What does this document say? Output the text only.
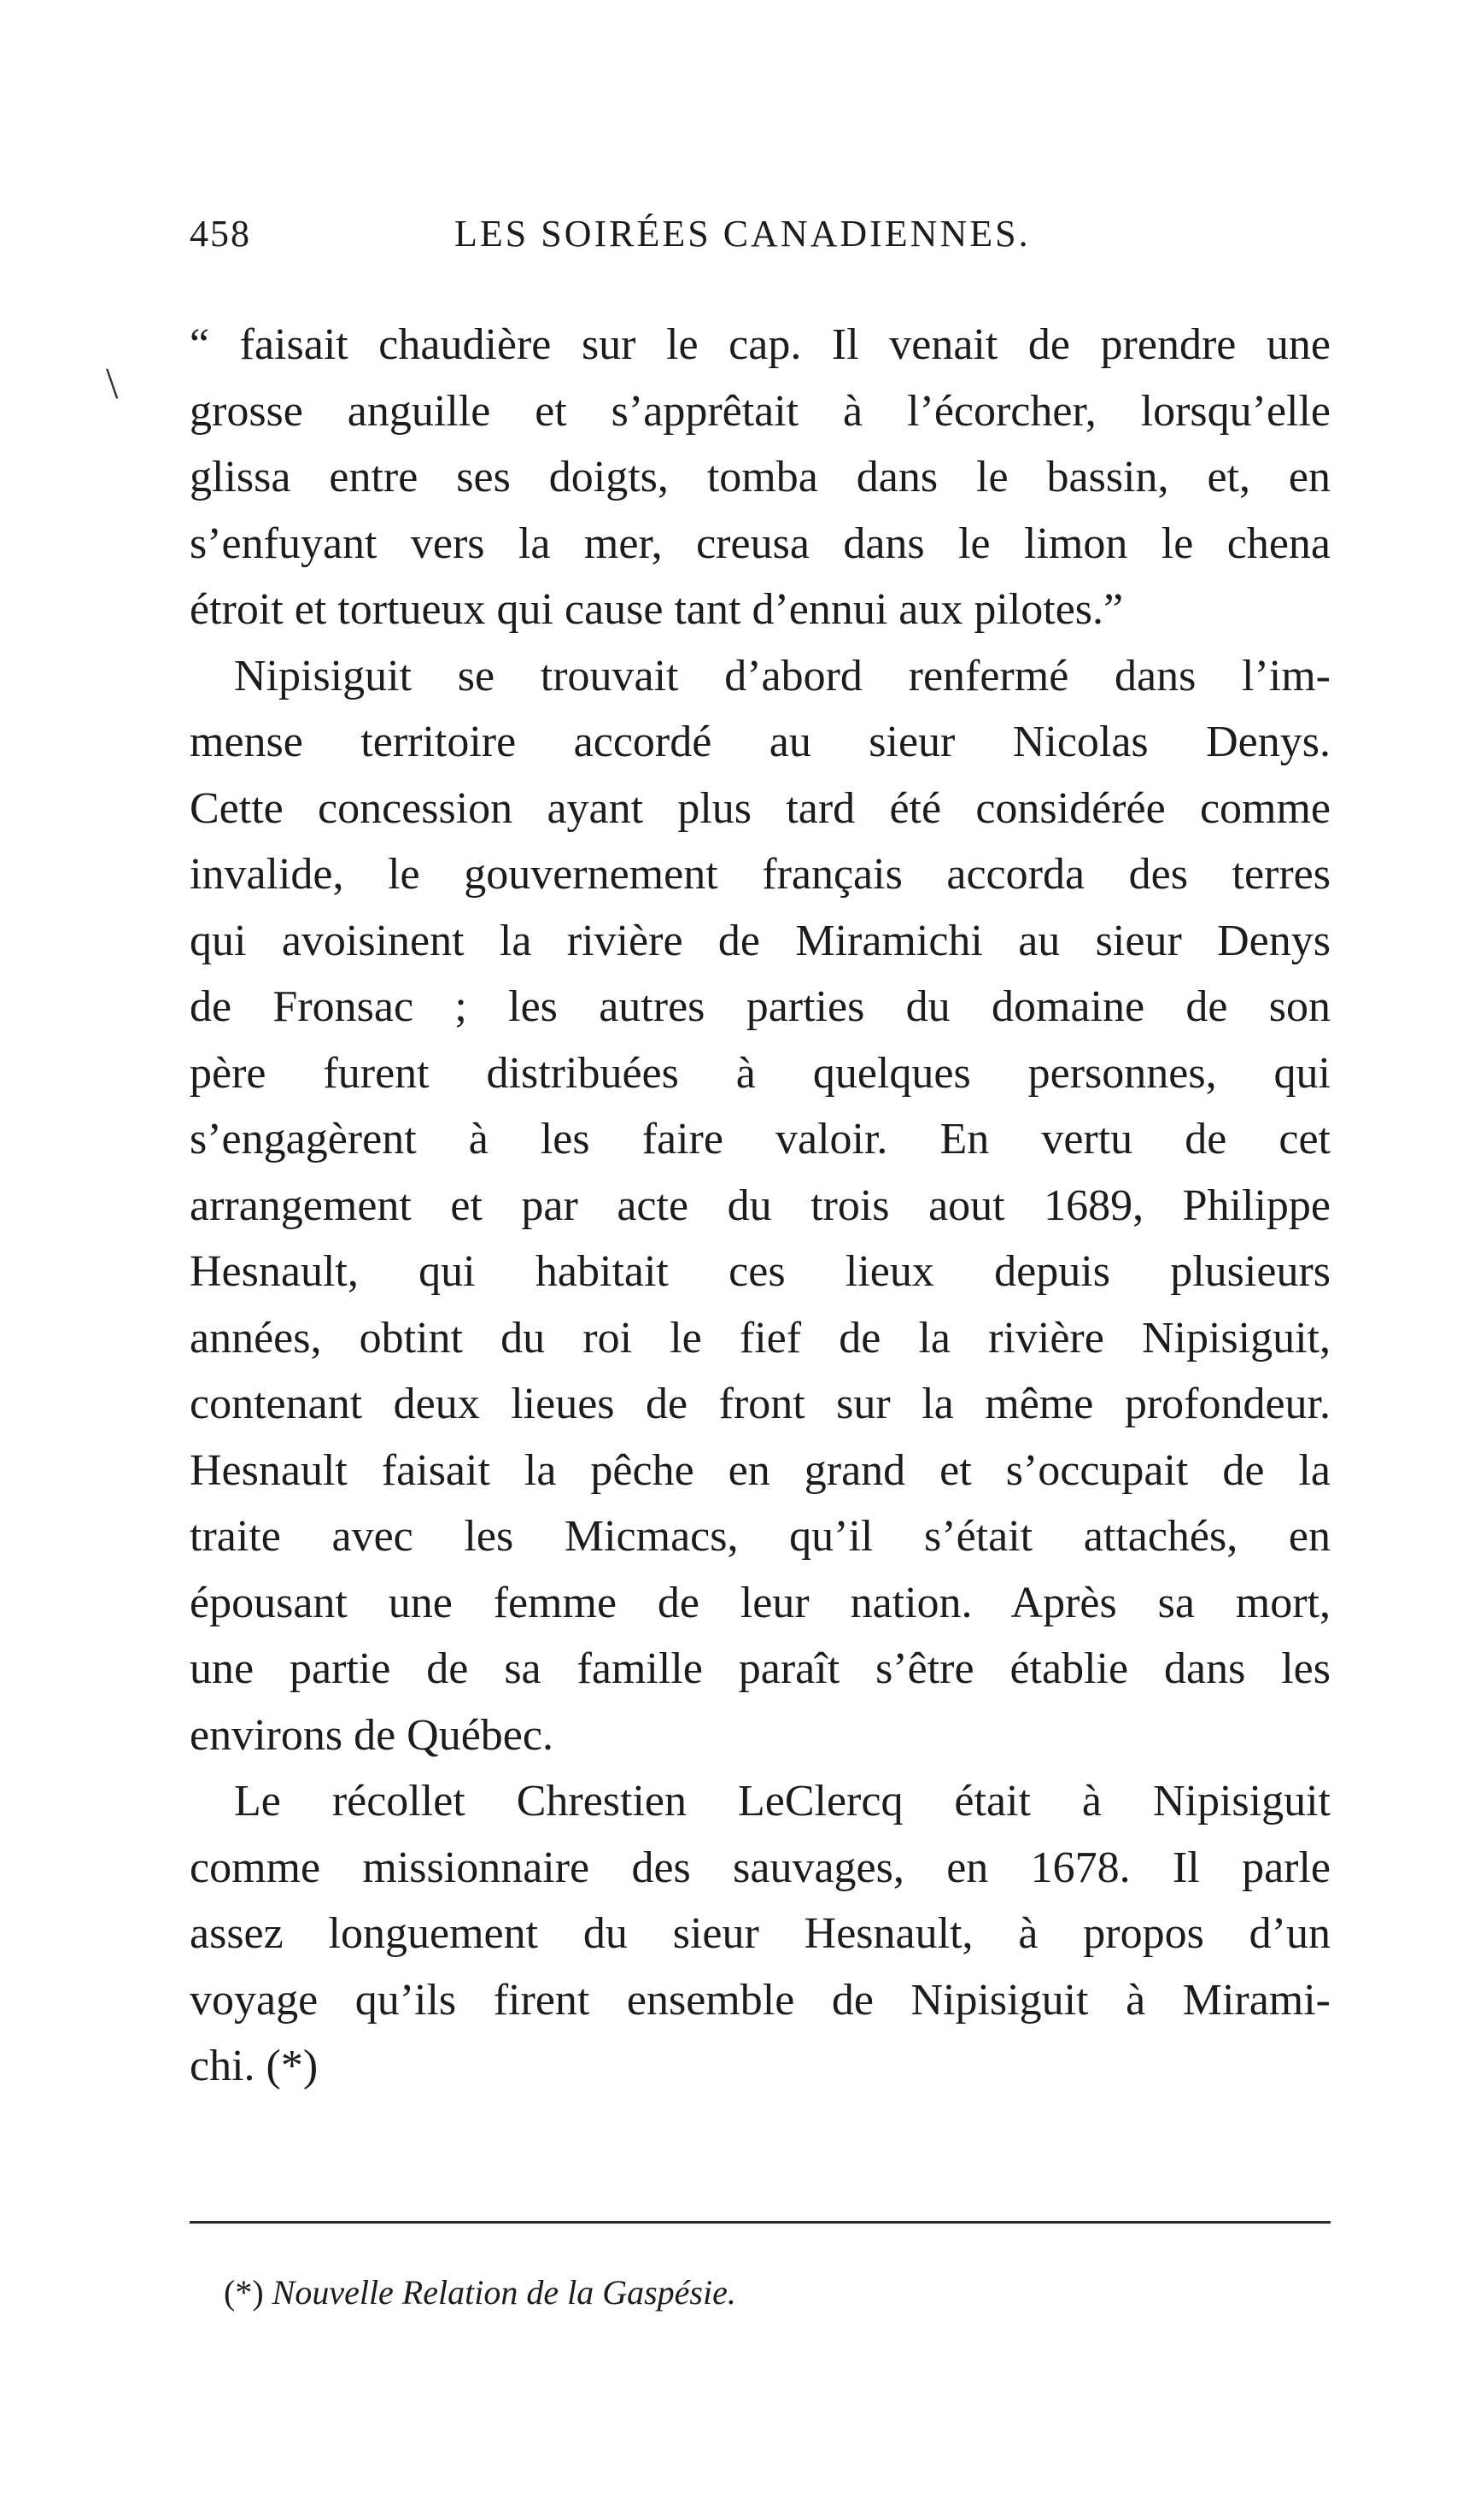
458	LES SOIRÉES CANADIENNES.
\
“ faisait chaudière sur le cap. Il venait de prendre une
grosse anguille et s’apprêtait à l’écorcher, lorsqu’elle
glissa entre ses doigts, tomba dans le bassin, et, en
s’enfuyant vers la mer, creusa dans le limon le chena
étroit et tortueux qui cause tant d’ennui aux pilotes.”
Nipisiguit se trouvait d’abord renfermé dans l’im-
mense territoire accordé au sieur Nicolas Denys.
Cette concession ayant plus tard été considérée comme
invalide, le gouvernement français accorda des terres
qui avoisinent la rivière de Miramichi au sieur Denys
de Fronsac ; les autres parties du domaine de son
père furent distribuées à quelques personnes, qui
s’engagèrent à les faire valoir. En vertu de cet
arrangement et par acte du trois aout 1689, Philippe
Hesnault, qui habitait ces lieux depuis plusieurs
années, obtint du roi le fief de la rivière Nipisiguit,
contenant deux lieues de front sur la même profondeur.
Hesnault faisait la pêche en grand et s’occupait de la
traite avec les Micmacs, qu’il s’était attachés, en
épousant une femme de leur nation. Après sa mort,
une partie de sa famille paraît s’être établie dans les
environs de Québec.
Le récollet Chrestien LeClercq était à Nipisiguit
comme missionnaire des sauvages, en 1678. Il parle
assez longuement du sieur Hesnault, à propos d’un
voyage qu’ils firent ensemble de Nipisiguit à Mirami-
chi. (*)
(*) Nouvelle Relation de la Gaspésie.
